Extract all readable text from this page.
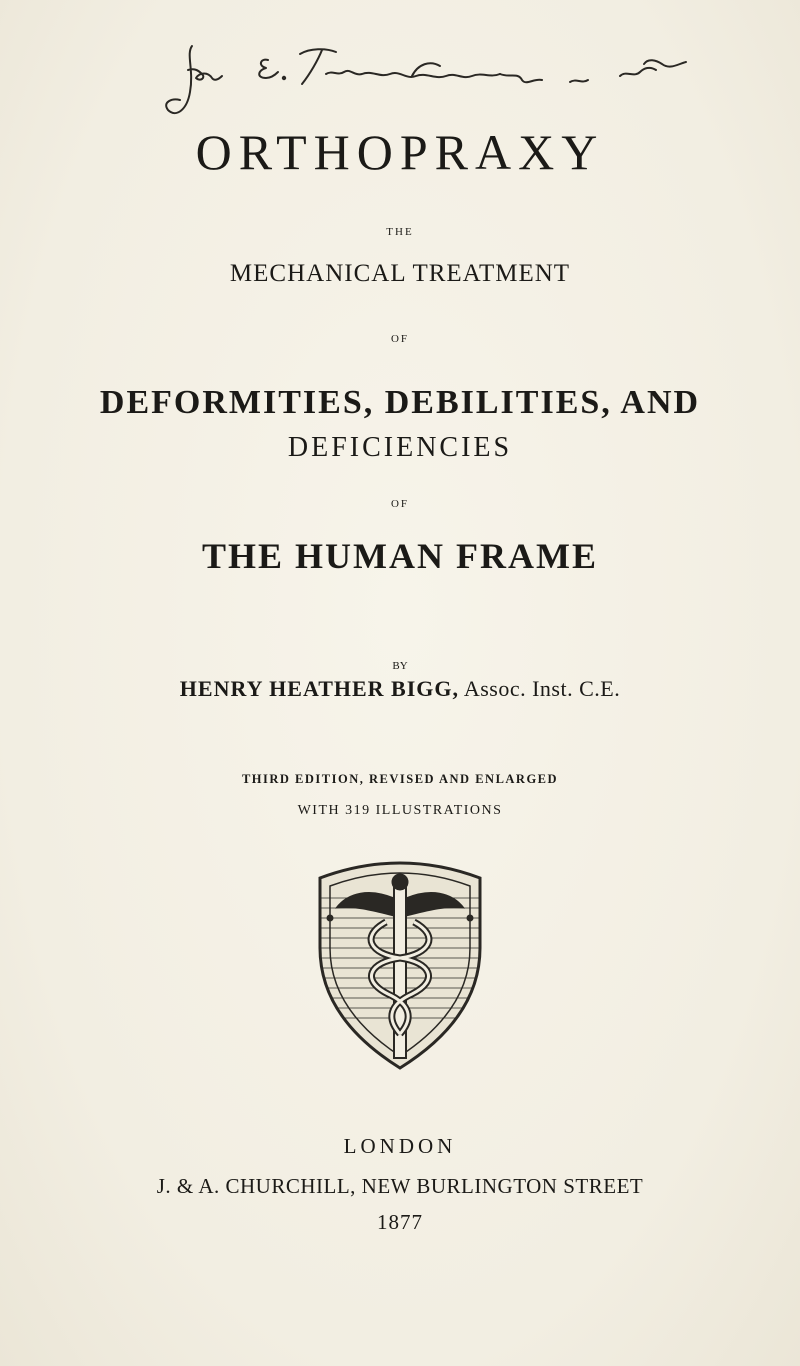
ORTHOPRAXY
THE
MECHANICAL TREATMENT
OF
DEFORMITIES, DEBILITIES, AND
DEFICIENCIES
OF
THE HUMAN FRAME
BY
HENRY HEATHER BIGG, Assoc. Inst. C.E.
THIRD EDITION, REVISED AND ENLARGED
WITH 319 ILLUSTRATIONS
LONDON
J. & A. CHURCHILL, NEW BURLINGTON STREET
1877
